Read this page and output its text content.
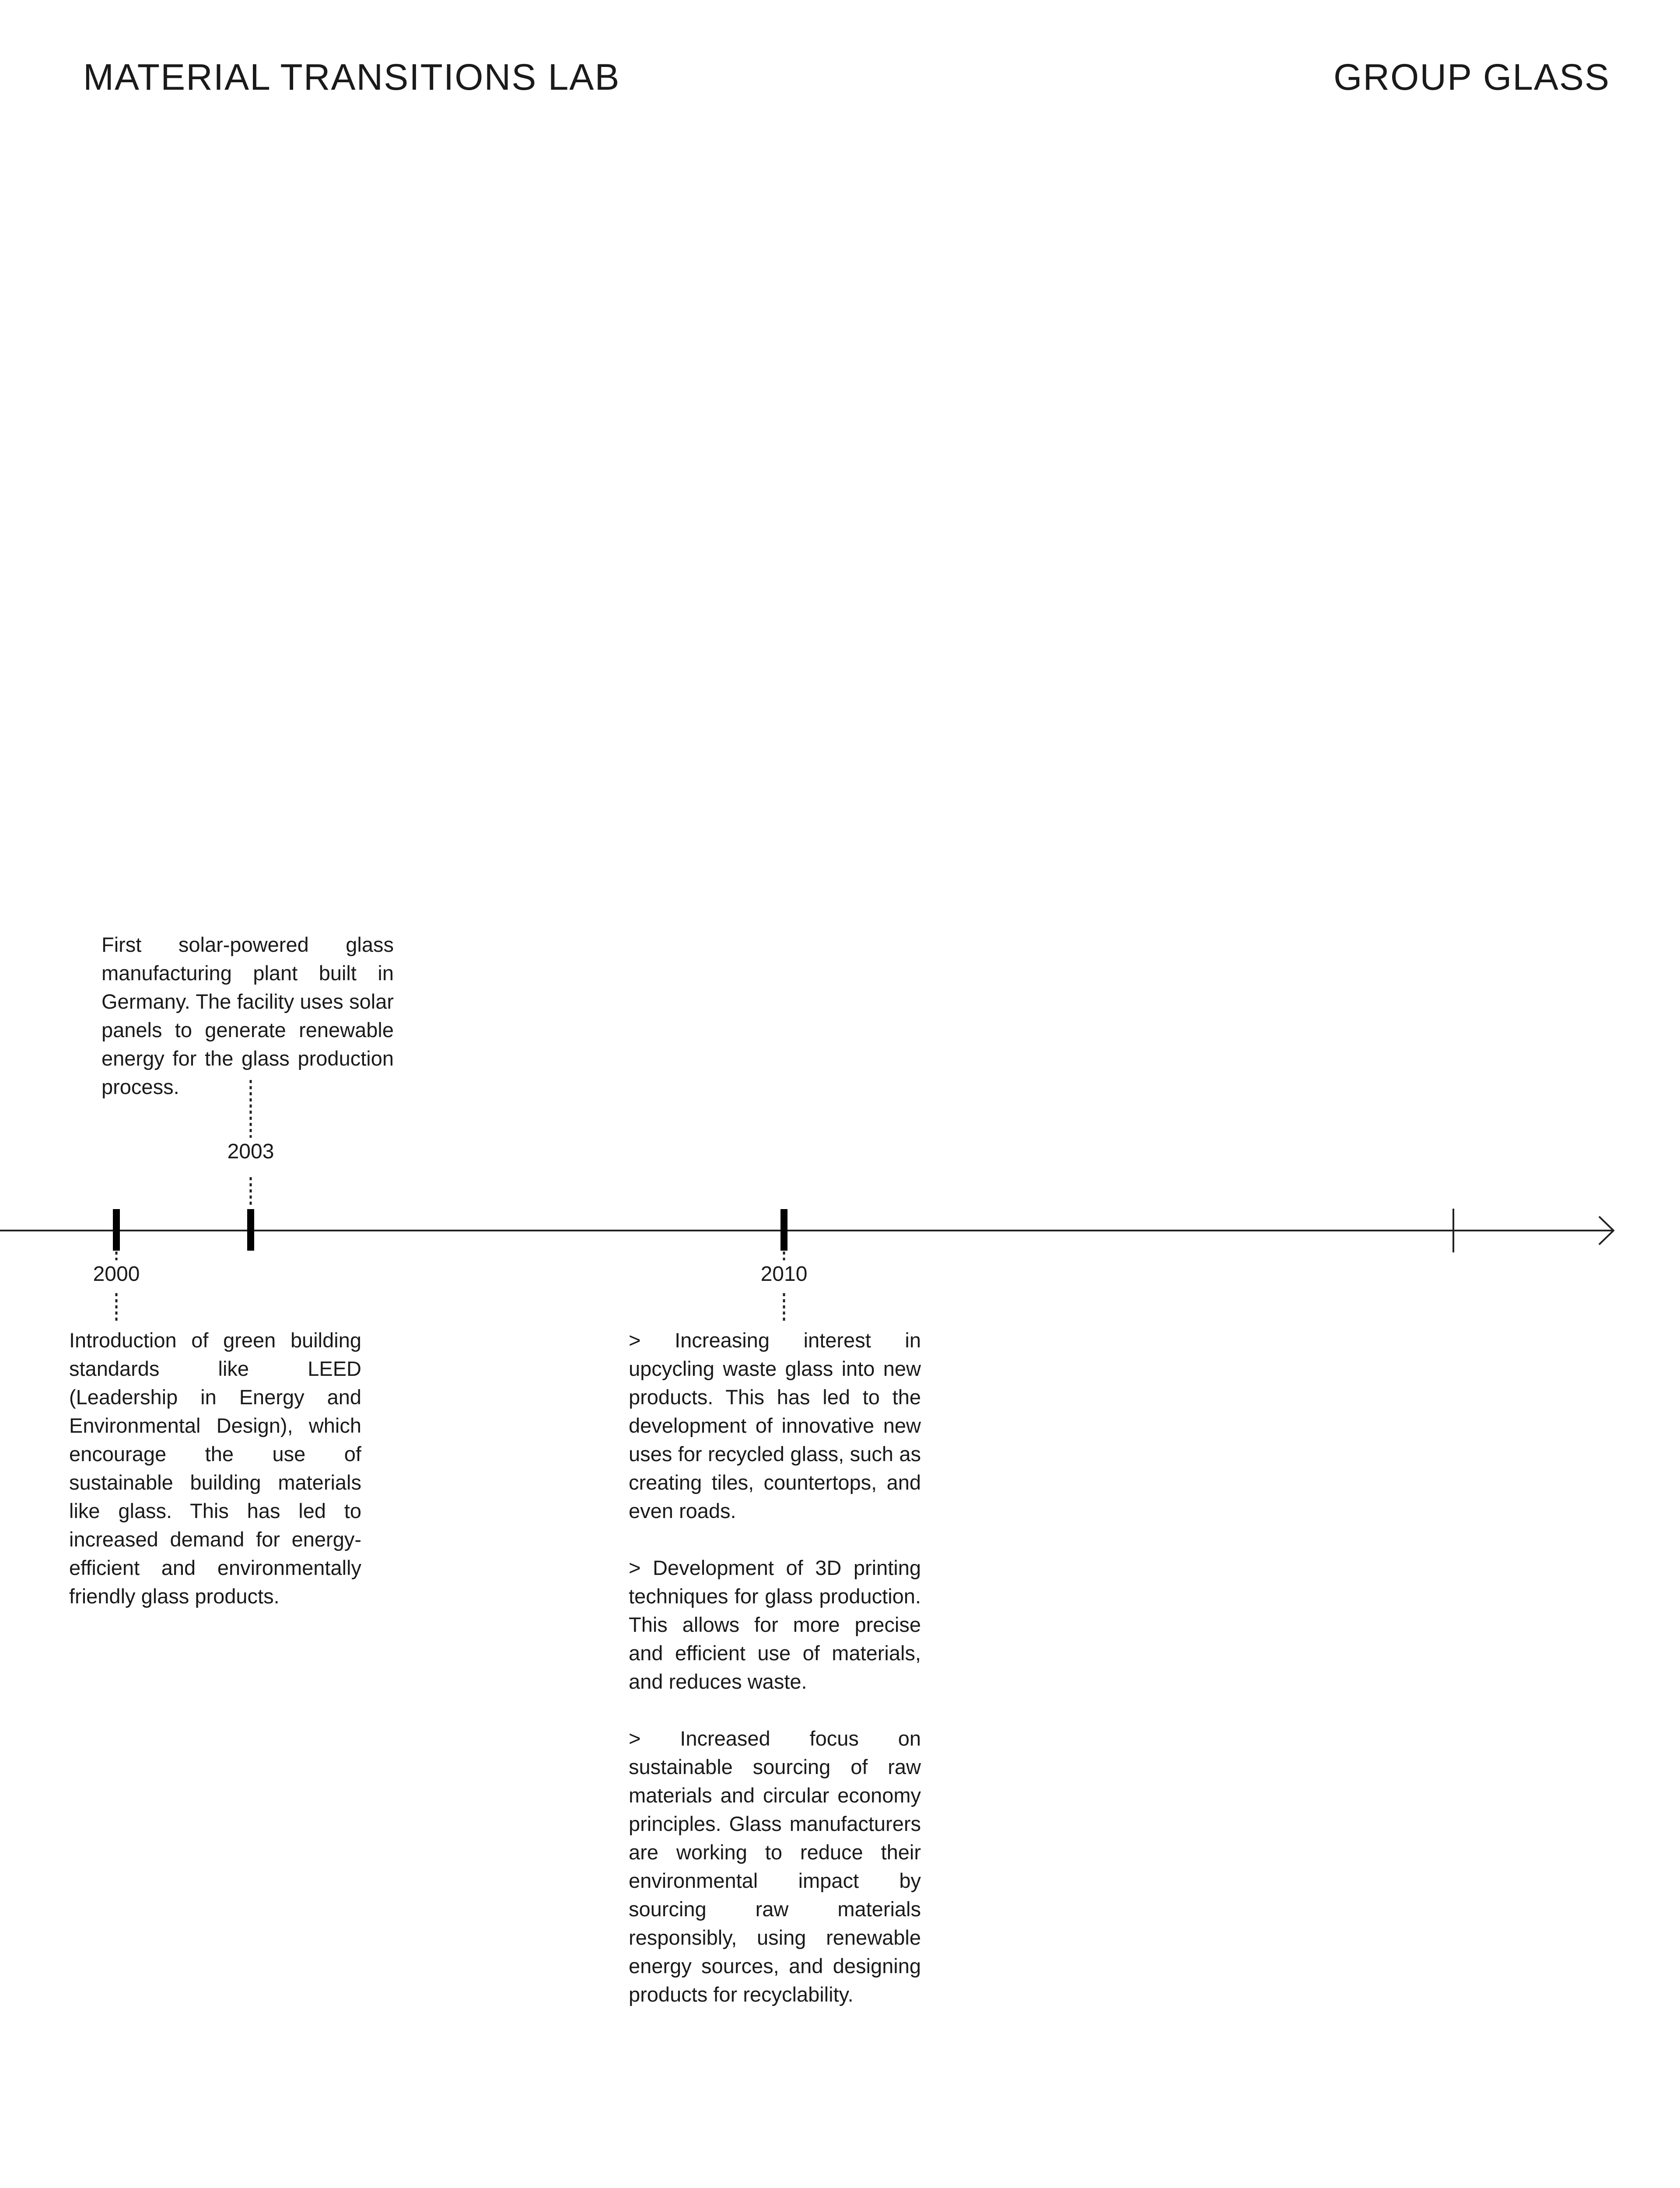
MATERIAL TRANSITIONS LAB	GROUP GLASS
2003
2000	2010

First solar-powered glass manufacturing plant built in Germany. The facility uses solar panels to generate renewable energy for the glass production process.

Introduction of green building standards like LEED (Leadership in Energy and Environmental Design), which encourage the use of sustainable building materials like glass. This has led to increased demand for energy-efficient and environmentally friendly glass products.

> Increasing interest in upcycling waste glass into new products. This has led to the development of innovative new uses for recycled glass, such as creating tiles, countertops, and even roads.

> Development of 3D printing techniques for glass production. This allows for more precise and efficient use of materials, and reduces waste.

> Increased focus on sustainable sourcing of raw materials and circular economy principles. Glass manufacturers are working to reduce their environmental impact by sourcing raw materials responsibly, using renewable energy sources, and designing products for recyclability.
